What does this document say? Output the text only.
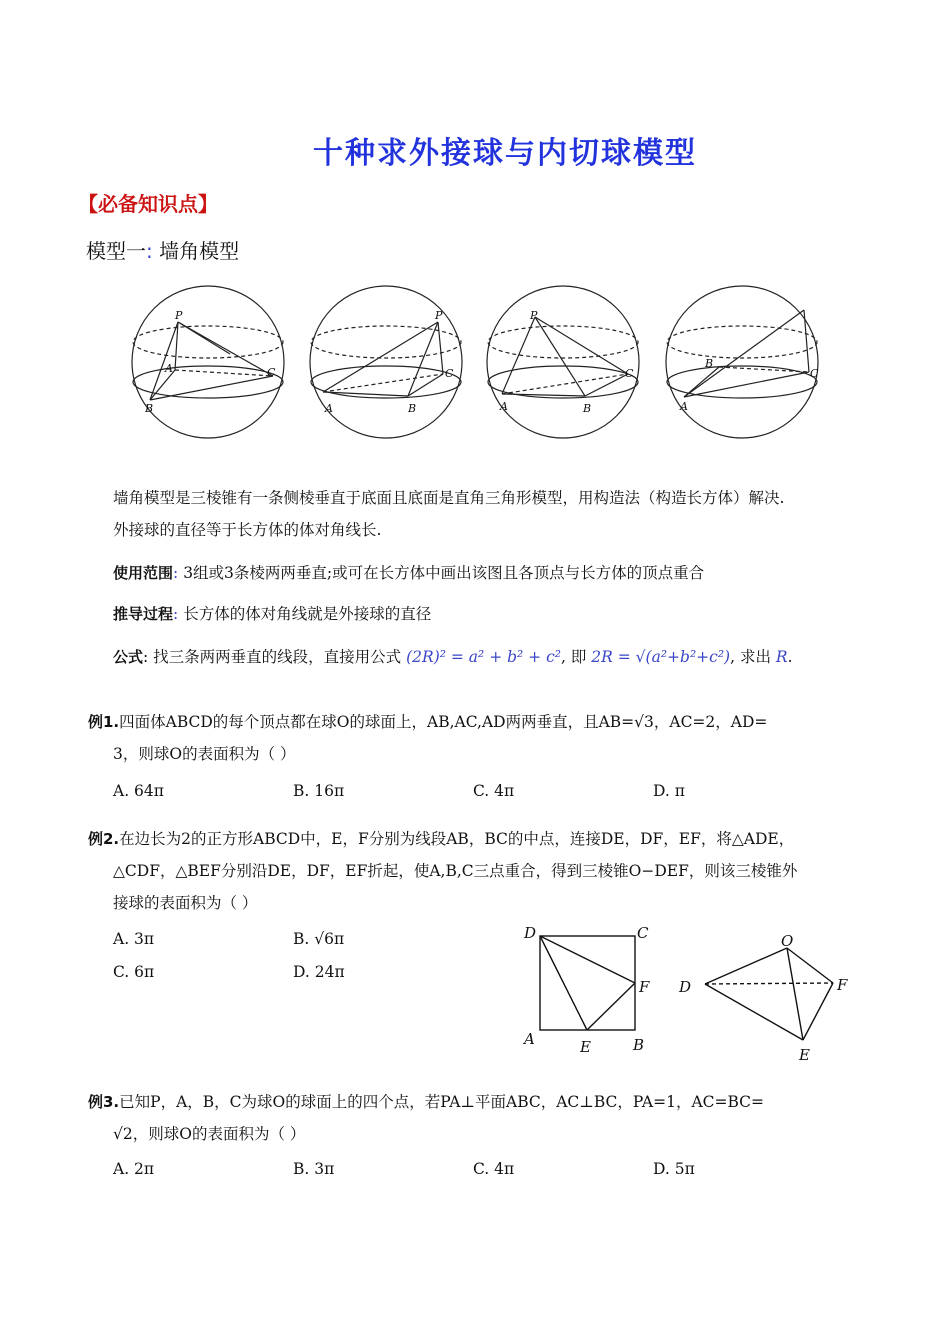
十种求外接球与内切球模型
【必备知识点】
模型一: 墙角模型
P
A
B
C
A	B
P
C
P
A	B
C
A
B
C
墙角模型是三棱锥有一条侧棱垂直于底面且底面是直角三角形模型，用构造法（构造长方体）解决.
外接球的直径等于长方体的体对角线长.
使用范围: 3组或3条棱两两垂直;或可在长方体中画出该图且各顶点与长方体的顶点重合
推导过程: 长方体的体对角线就是外接球的直径
公式: 找三条两两垂直的线段，直接用公式 (2R)² = a² + b² + c², 即 2R = √(a²+b²+c²), 求出 R.
例1.四面体ABCD的每个顶点都在球O的球面上，AB,AC,AD两两垂直，且AB=√3，AC=2，AD=
3，则球O的表面积为（ ）
A. 64π	B. 16π	C. 4π	D. π
例2.在边长为2的正方形ABCD中，E，F分别为线段AB，BC的中点，连接DE，DF，EF，将△ADE，
△CDF，△BEF分别沿DE，DF，EF折起，使A,B,C三点重合，得到三棱锥O−DEF，则该三棱锥外
接球的表面积为（ ）
A. 3π	B. √6π
C. 6π	D. 24π
D	C
F
A	E	B
O
D	F
E
例3.已知P，A，B，C为球O的球面上的四个点，若PA⊥平面ABC，AC⊥BC，PA=1，AC=BC=
√2，则球O的表面积为（ ）
A. 2π	B. 3π	C. 4π	D. 5π
